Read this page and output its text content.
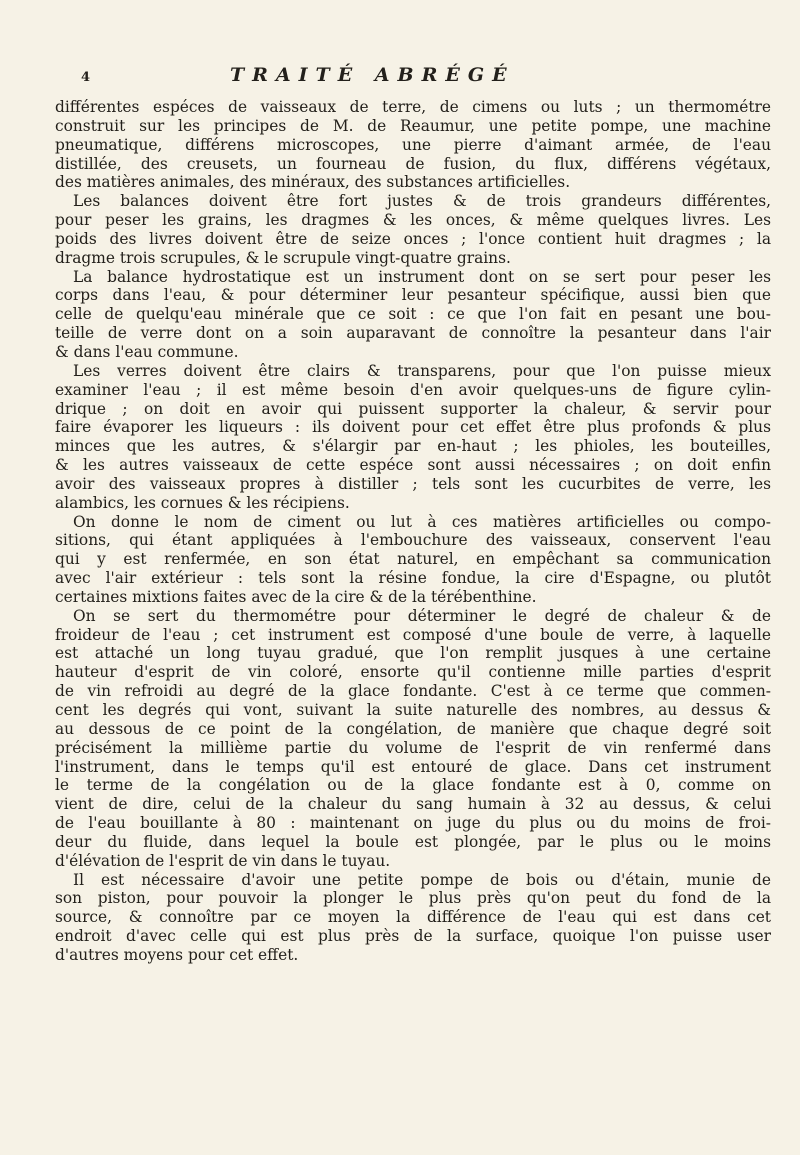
4	TRAITÉ ABRÉGÉ
différentes espéces de vaisseaux de terre, de cimens ou luts ; un thermométre
construit sur les principes de M. de Reaumur, une petite pompe, une machine
pneumatique, différens microscopes, une pierre d'aimant armée, de l'eau
distillée, des creusets, un fourneau de fusion, du flux, différens végétaux,
des matières animales, des minéraux, des substances artificielles.
Les balances doivent être fort justes & de trois grandeurs différentes,
pour peser les grains, les dragmes & les onces, & même quelques livres. Les
poids des livres doivent être de seize onces ; l'once contient huit dragmes ; la
dragme trois scrupules, & le scrupule vingt-quatre grains.
La balance hydrostatique est un instrument dont on se sert pour peser les
corps dans l'eau, & pour déterminer leur pesanteur spécifique, aussi bien que
celle de quelqu'eau minérale que ce soit : ce que l'on fait en pesant une bou-
teille de verre dont on a soin auparavant de connoître la pesanteur dans l'air
& dans l'eau commune.
Les verres doivent être clairs & transparens, pour que l'on puisse mieux
examiner l'eau ; il est même besoin d'en avoir quelques-uns de figure cylin-
drique ; on doit en avoir qui puissent supporter la chaleur, & servir pour
faire évaporer les liqueurs : ils doivent pour cet effet être plus profonds & plus
minces que les autres, & s'élargir par en-haut ; les phioles, les bouteilles,
& les autres vaisseaux de cette espéce sont aussi nécessaires ; on doit enfin
avoir des vaisseaux propres à distiller ; tels sont les cucurbites de verre, les
alambics, les cornues & les récipiens.
On donne le nom de ciment ou lut à ces matières artificielles ou compo-
sitions, qui étant appliquées à l'embouchure des vaisseaux, conservent l'eau
qui y est renfermée, en son état naturel, en empêchant sa communication
avec l'air extérieur : tels sont la résine fondue, la cire d'Espagne, ou plutôt
certaines mixtions faites avec de la cire & de la térébenthine.
On se sert du thermométre pour déterminer le degré de chaleur & de
froideur de l'eau ; cet instrument est composé d'une boule de verre, à laquelle
est attaché un long tuyau gradué, que l'on remplit jusques à une certaine
hauteur d'esprit de vin coloré, ensorte qu'il contienne mille parties d'esprit
de vin refroidi au degré de la glace fondante. C'est à ce terme que commen-
cent les degrés qui vont, suivant la suite naturelle des nombres, au dessus &
au dessous de ce point de la congélation, de manière que chaque degré soit
précisément la millième partie du volume de l'esprit de vin renfermé dans
l'instrument, dans le temps qu'il est entouré de glace. Dans cet instrument
le terme de la congélation ou de la glace fondante est à 0, comme on
vient de dire, celui de la chaleur du sang humain à 32 au dessus, & celui
de l'eau bouillante à 80 : maintenant on juge du plus ou du moins de froi-
deur du fluide, dans lequel la boule est plongée, par le plus ou le moins
d'élévation de l'esprit de vin dans le tuyau.
Il est nécessaire d'avoir une petite pompe de bois ou d'étain, munie de
son piston, pour pouvoir la plonger le plus près qu'on peut du fond de la
source, & connoître par ce moyen la différence de l'eau qui est dans cet
endroit d'avec celle qui est plus près de la surface, quoique l'on puisse user
d'autres moyens pour cet effet.
